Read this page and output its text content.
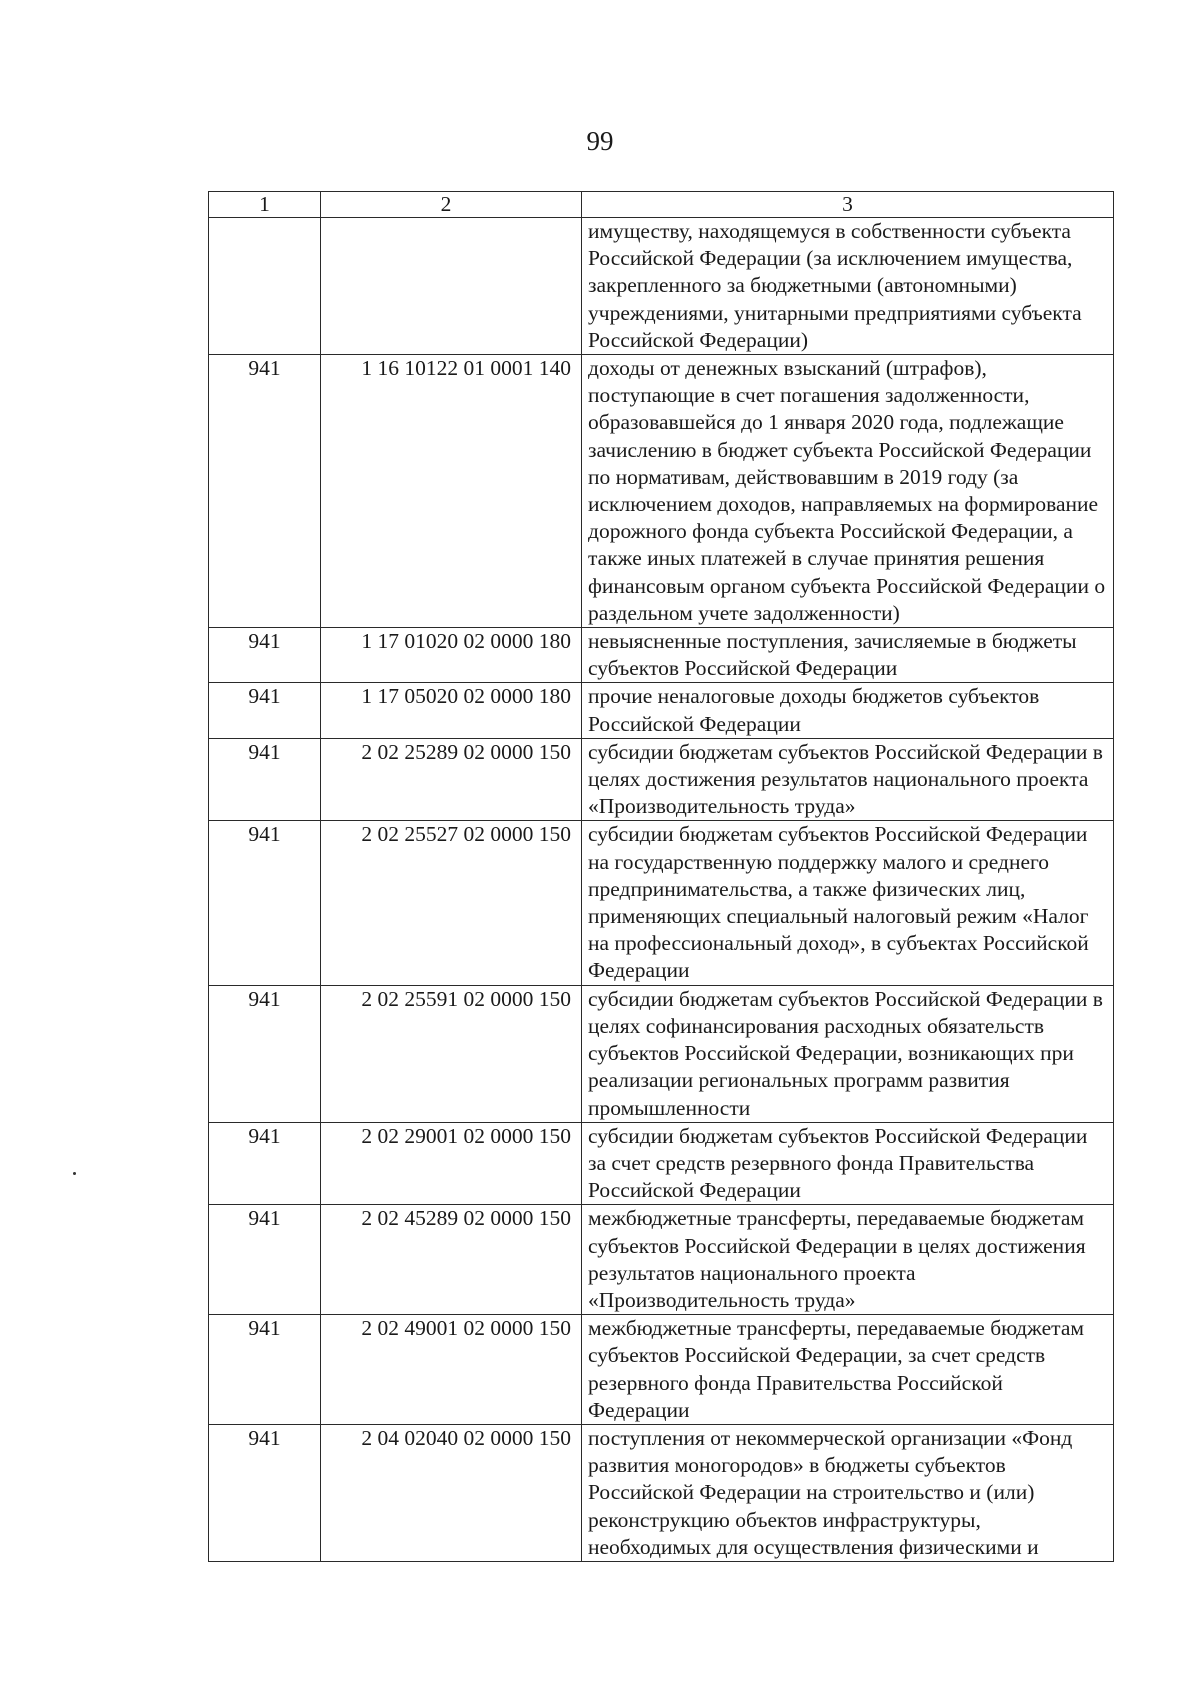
99
1	2	3
		имуществу, находящемуся в собственности субъекта Российской Федерации (за исключением имущества, закрепленного за бюджетными (автономными) учреждениями, унитарными предприятиями субъекта Российской Федерации)
941	1 16 10122 01 0001 140	доходы от денежных взысканий (штрафов), поступающие в счет погашения задолженности, образовавшейся до 1 января 2020 года, подлежащие зачислению в бюджет субъекта Российской Федерации по нормативам, действовавшим в 2019 году (за исключением доходов, направляемых на формирование дорожного фонда субъекта Российской Федерации, а также иных платежей в случае принятия решения финансовым органом субъекта Российской Федерации о раздельном учете задолженности)
941	1 17 01020 02 0000 180	невыясненные поступления, зачисляемые в бюджеты субъектов Российской Федерации
941	1 17 05020 02 0000 180	прочие неналоговые доходы бюджетов субъектов Российской Федерации
941	2 02 25289 02 0000 150	субсидии бюджетам субъектов Российской Федерации в целях достижения результатов национального проекта «Производительность труда»
941	2 02 25527 02 0000 150	субсидии бюджетам субъектов Российской Федерации на государственную поддержку малого и среднего предпринимательства, а также физических лиц, применяющих специальный налоговый режим «Налог на профессиональный доход», в субъектах Российской Федерации
941	2 02 25591 02 0000 150	субсидии бюджетам субъектов Российской Федерации в целях софинансирования расходных обязательств субъектов Российской Федерации, возникающих при реализации региональных программ развития промышленности
941	2 02 29001 02 0000 150	субсидии бюджетам субъектов Российской Федерации за счет средств резервного фонда Правительства Российской Федерации
941	2 02 45289 02 0000 150	межбюджетные трансферты, передаваемые бюджетам субъектов Российской Федерации в целях достижения результатов национального проекта «Производительность труда»
941	2 02 49001 02 0000 150	межбюджетные трансферты, передаваемые бюджетам субъектов Российской Федерации, за счет средств резервного фонда Правительства Российской Федерации
941	2 04 02040 02 0000 150	поступления от некоммерческой организации «Фонд развития моногородов» в бюджеты субъектов Российской Федерации на строительство и (или) реконструкцию объектов инфраструктуры, необходимых для осуществления физическими и
